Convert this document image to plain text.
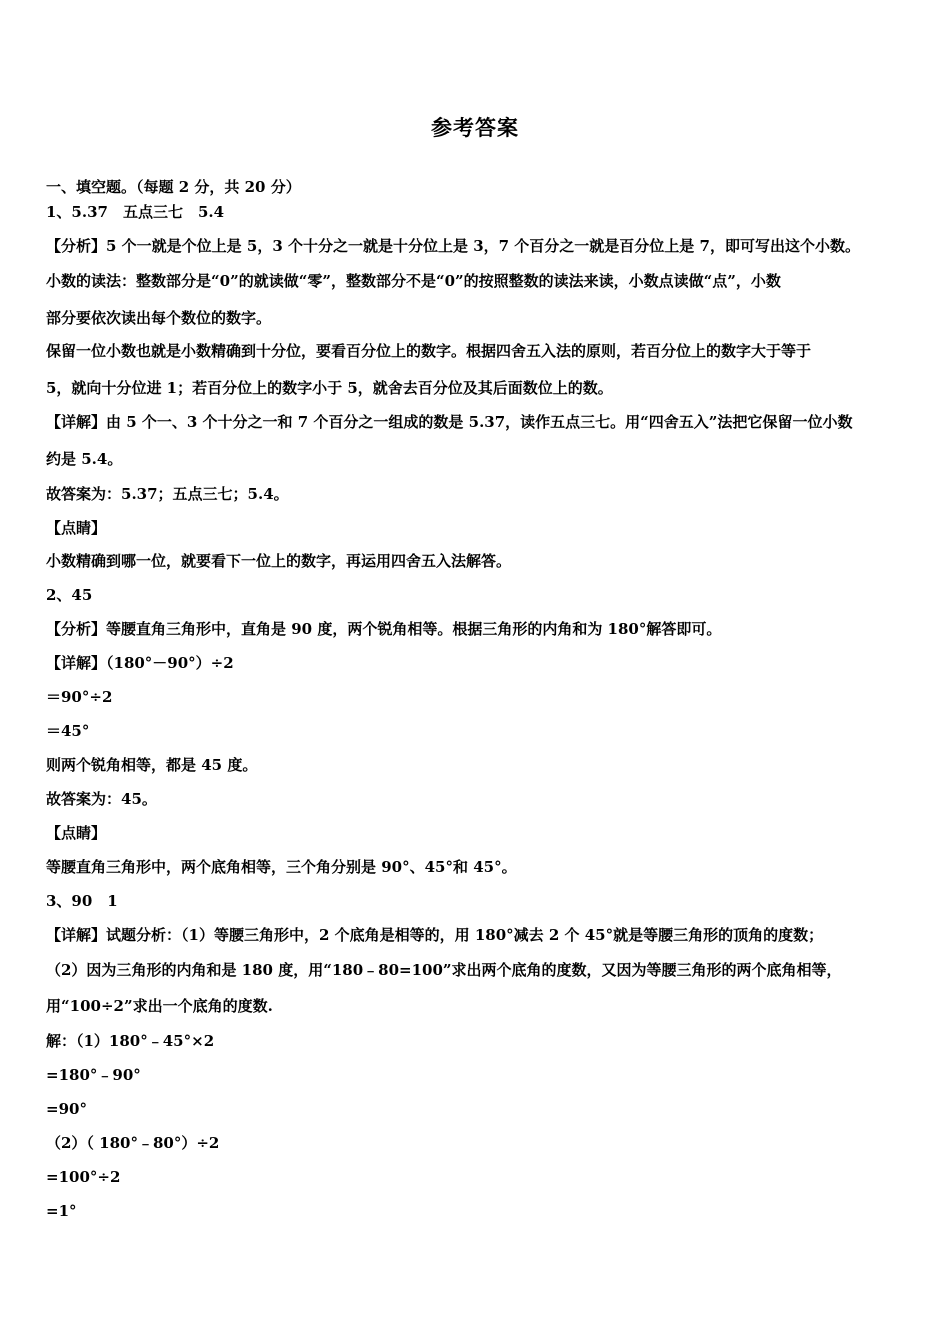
参考答案
一、填空题。（每题 2 分，共 20 分）
1、5.37　五点三七　5.4
【分析】5 个一就是个位上是 5，3 个十分之一就是十分位上是 3，7 个百分之一就是百分位上是 7，即可写出这个小数。
小数的读法：整数部分是“0”的就读做“零”，整数部分不是“0”的按照整数的读法来读，小数点读做“点”，小数
部分要依次读出每个数位的数字。
保留一位小数也就是小数精确到十分位，要看百分位上的数字。根据四舍五入法的原则，若百分位上的数字大于等于
5，就向十分位进 1；若百分位上的数字小于 5，就舍去百分位及其后面数位上的数。
【详解】由 5 个一、3 个十分之一和 7 个百分之一组成的数是 5.37，读作五点三七。用“四舍五入”法把它保留一位小数
约是 5.4。
故答案为：5.37；五点三七；5.4。
【点睛】
小数精确到哪一位，就要看下一位上的数字，再运用四舍五入法解答。
2、45
【分析】等腰直角三角形中，直角是 90 度，两个锐角相等。根据三角形的内角和为 180°解答即可。
【详解】（180°－90°）÷2
＝90°÷2
＝45°
则两个锐角相等，都是 45 度。
故答案为：45。
【点睛】
等腰直角三角形中，两个底角相等，三个角分别是 90°、45°和 45°。
3、90　1
【详解】试题分析：（1）等腰三角形中，2 个底角是相等的，用 180°减去 2 个 45°就是等腰三角形的顶角的度数；
（2）因为三角形的内角和是 180 度，用“180﹣80=100”求出两个底角的度数，又因为等腰三角形的两个底角相等，
用“100÷2”求出一个底角的度数.
解：（1）180°﹣45°×2
=180°﹣90°
=90°
（2）（ 180°﹣80°）÷2
=100°÷2
=1°
